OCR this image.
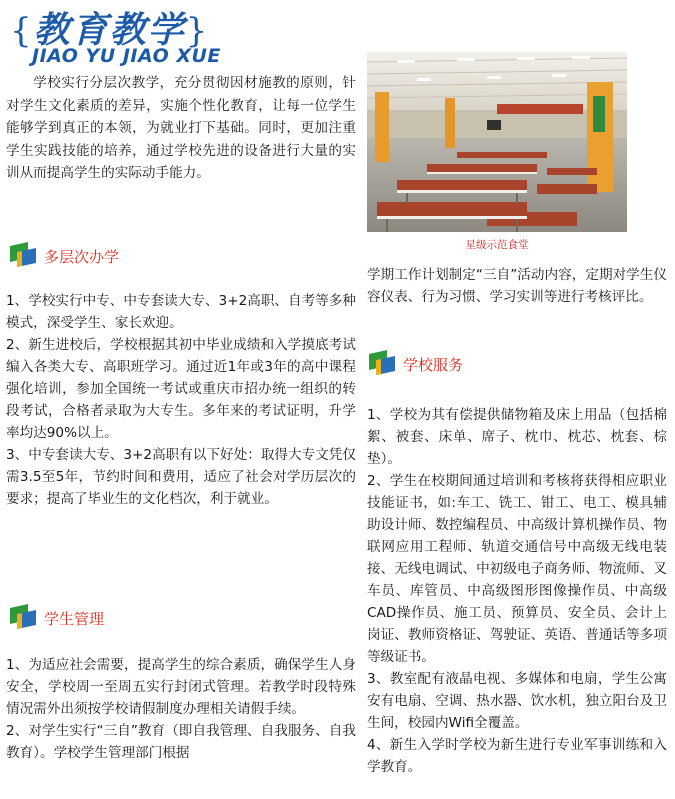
{教育教学}
JIAO YU JIAO XUE

学校实行分层次教学，充分贯彻因材施教的原则，针对学生文化素质的差异，实施个性化教育，让每一位学生能够学到真正的本领，为就业打下基础。同时，更加注重学生实践技能的培养，通过学校先进的设备进行大量的实训从而提高学生的实际动手能力。

星级示范食堂
多层次办学

1、学校实行中专、中专套读大专、3+2高职、自考等多种模式，深受学生、家长欢迎。

2、新生进校后，学校根据其初中毕业成绩和入学摸底考试编入各类大专、高职班学习。通过近1年或3年的高中课程强化培训，参加全国统一考试或重庆市招办统一组织的转段考试，合格者录取为大专生。多年来的考试证明，升学率均达90%以上。

3、中专套读大专、3+2高职有以下好处：取得大专文凭仅需3.5至5年，节约时间和费用，适应了社会对学历层次的要求；提高了毕业生的文化档次，利于就业。

学生管理

1、为适应社会需要，提高学生的综合素质，确保学生人身安全，学校周一至周五实行封闭式管理。若教学时段特殊情况需外出须按学校请假制度办理相关请假手续。

2、对学生实行“三自”教育（即自我管理、自我服务、自我教育）。学校学生管理部门根据

学期工作计划制定“三自”活动内容，定期对学生仪容仪表、行为习惯、学习实训等进行考核评比。

学校服务

1、学校为其有偿提供储物箱及床上用品（包括棉絮、被套、床单、席子、枕巾、枕芯、枕套、棕垫）。

2、学生在校期间通过培训和考核将获得相应职业技能证书，如:车工、铣工、钳工、电工、模具辅助设计师、数控编程员、中高级计算机操作员、物联网应用工程师、轨道交通信号中高级无线电装接、无线电调试、中初级电子商务师、物流师、叉车员、库管员、中高级图形图像操作员、中高级CAD操作员、施工员、预算员、安全员、会计上岗证、教师资格证、驾驶证、英语、普通话等多项等级证书。

3、教室配有液晶电视、多媒体和电扇，学生公寓安有电扇、空调、热水器、饮水机，独立阳台及卫生间，校园内Wifi全覆盖。

4、新生入学时学校为新生进行专业军事训练和入学教育。
